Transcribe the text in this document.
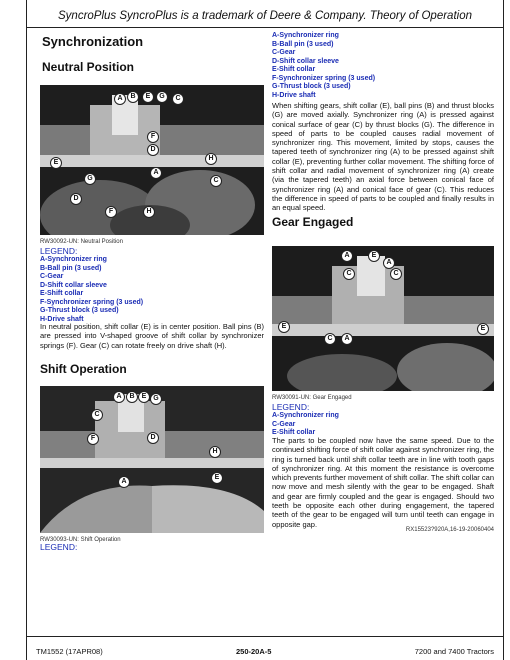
SyncroPlus SyncroPlus is a trademark of Deere & Company. Theory of Operation
Synchronization
Neutral Position
A-Synchronizer ring
B-Ball pin (3 used)
C-Gear
D-Shift collar sleeve
E-Shift collar
F-Synchronizer spring (3 used)
G-Thrust block (3 used)
H-Drive shaft
When shifting gears, shift collar (E), ball pins (B) and thrust blocks (G) are moved axially. Synchronizer ring (A) is pressed against conical surface of gear (C) by thrust blocks (G). The difference in speed of parts to be coupled causes radial movement of synchronizer ring. This movement, limited by stops, causes the tapered teeth of synchronizer ring (A) to be pressed against shift collar (E), preventing further collar movement. The shifting force of shift collar and radial movement of synchronizer ring (A) create (via the tapered teeth) an axial force between conical face of synchronizer ring (A) and conical face of gear (C). This reduces the difference in speed of parts to be coupled and finally results in an equal speed.
A	B	E	G	C
F
D
E
H
A
C
G
D
F	H
RW30092-UN: Neutral Position
LEGEND:
A-Synchronizer ring
B-Ball pin (3 used)
C-Gear
D-Shift collar sleeve
E-Shift collar
F-Synchronizer spring (3 used)
G-Thrust block (3 used)
H-Drive shaft
In neutral position, shift collar (E) is in center position. Ball pins (B) are pressed into V-shaped groove of shift collar by synchronizer springs (F). Gear (C) can rotate freely on drive shaft (H).
Shift Operation
A	B	E G
C
F	D
H
A
E
RW30093-UN: Shift Operation
LEGEND:
Gear Engaged
A	E
A
C	C
E	E
C	A
RW30091-UN: Gear Engaged
LEGEND:
A-Synchronizer ring
C-Gear
E-Shift collar
The parts to be coupled now have the same speed. Due to the continued shifting force of shift collar against synchronizer ring, the ring is turned back until shift collar teeth are in line with tooth gaps of synchronizer ring. At this moment the resistance is overcome which prevents further movement of shift collar. The shift collar can now move and mesh silently with the gear to be engaged. Shaft and gear are firmly coupled and the gear is engaged. Should two teeth be opposite each other during engagement, the tapered teeth of the gear to be engaged will turn until teeth can engage in opposite gap.
RX15523?920A,16-19-20060404
TM1552 (17APR08)	250-20A-5	7200 and 7400 Tractors
